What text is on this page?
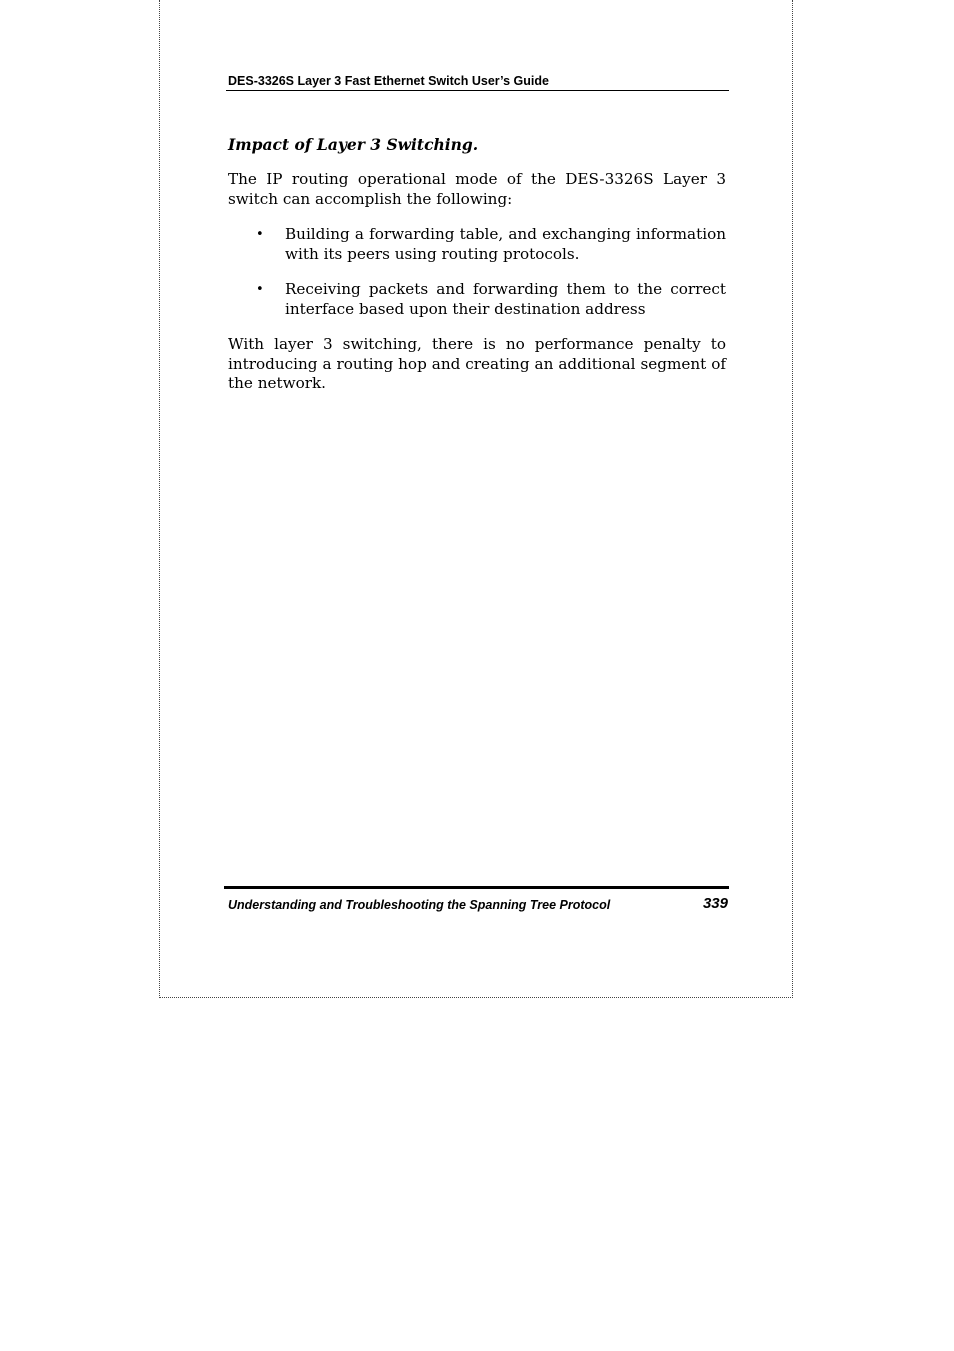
DES-3326S Layer 3 Fast Ethernet Switch User’s Guide
Impact of Layer 3 Switching.

The IP routing operational mode of the DES-3326S Layer 3 switch can accomplish the following:

• Building a forwarding table, and exchanging information with its peers using routing protocols.
• Receiving packets and forwarding them to the correct interface based upon their destination address

With layer 3 switching, there is no performance penalty to introducing a routing hop and creating an additional segment of the network.

Understanding and Troubleshooting the Spanning Tree Protocol	339
